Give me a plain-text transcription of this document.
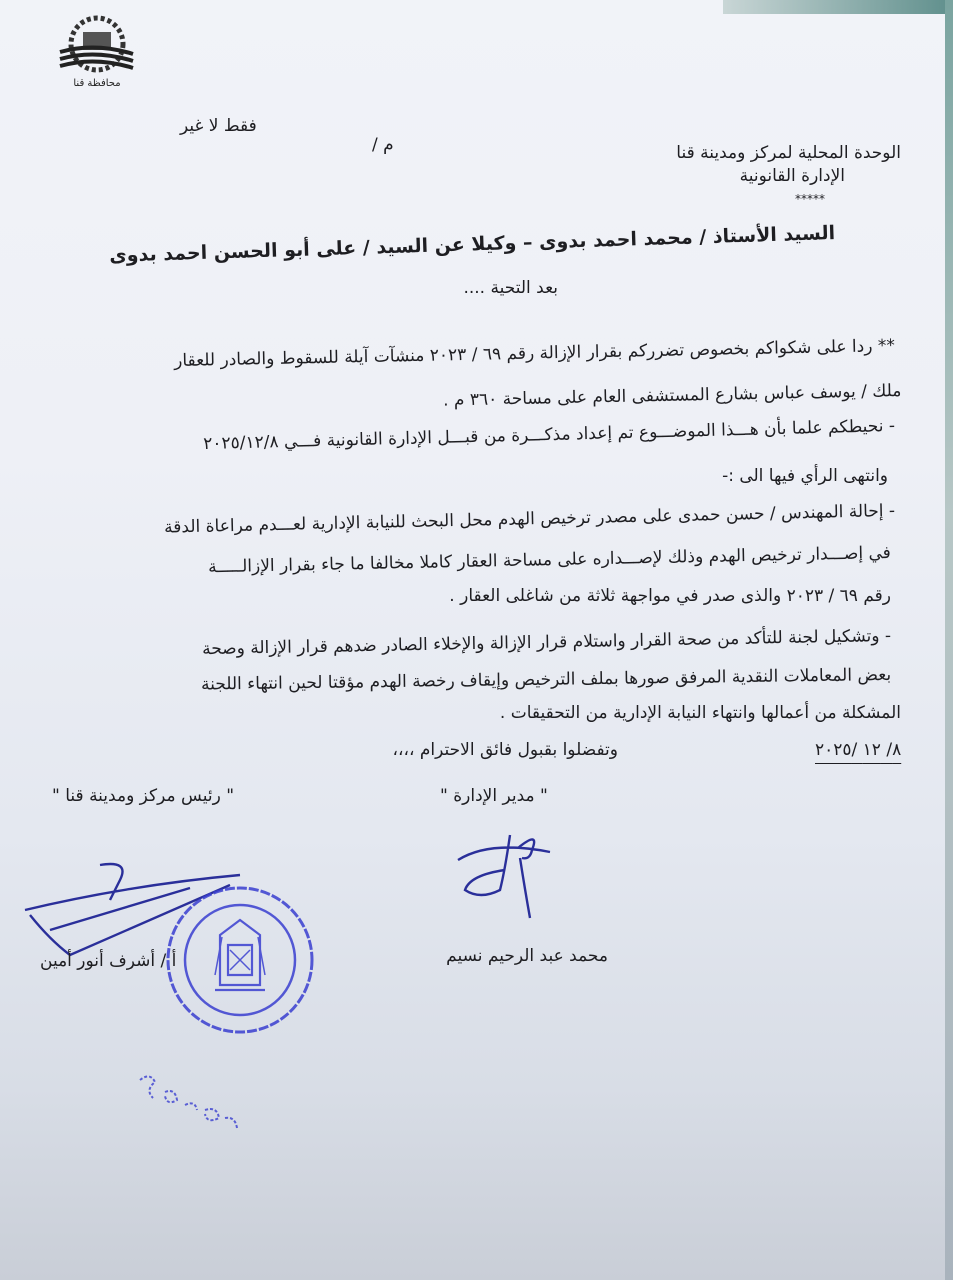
محافظة قنا
فقط لا غير
م /	الوحدة المحلية لمركز ومدينة قنا
الإدارة القانونية
*****
السيد الأستاذ / محمد احمد بدوى – وكيلا عن السيد / على أبو الحسن احمد بدوى
بعد التحية ....
** ردا على شكواكم بخصوص تضرركم بقرار الإزالة رقم ٦٩ / ٢٠٢٣ منشآت آيلة للسقوط والصادر للعقار
ملك / يوسف عباس بشارع المستشفى العام على مساحة ٣٦٠ م .
- نحيطكم علما بأن هـــذا الموضـــوع تم إعداد مذكـــرة من قبـــل الإدارة القانونية فـــي ٢٠٢٥/١٢/٨
وانتهى الرأي فيها الى :-
- إحالة المهندس / حسن حمدى على مصدر ترخيص الهدم محل البحث للنيابة الإدارية لعـــدم مراعاة الدقة
في إصـــدار ترخيص الهدم وذلك لإصـــداره على مساحة العقار كاملا مخالفا ما جاء بقرار الإزالـــــة
رقم ٦٩ / ٢٠٢٣ والذى صدر في مواجهة ثلاثة من شاغلى العقار .
- وتشكيل لجنة للتأكد من صحة القرار واستلام قرار الإزالة والإخلاء الصادر ضدهم قرار الإزالة وصحة
بعض المعاملات النقدية المرفق صورها بملف الترخيص وإيقاف رخصة الهدم مؤقتا لحين انتهاء اللجنة
المشكلة من أعمالها وانتهاء النيابة الإدارية من التحقيقات .
وتفضلوا بقبول فائق الاحترام ،،،،	٨/ ١٢ /٢٠٢٥
" مدير الإدارة "
" رئيس مركز ومدينة قنا "
محمد عبد الرحيم نسيم
أ / أشرف أنور أمين
